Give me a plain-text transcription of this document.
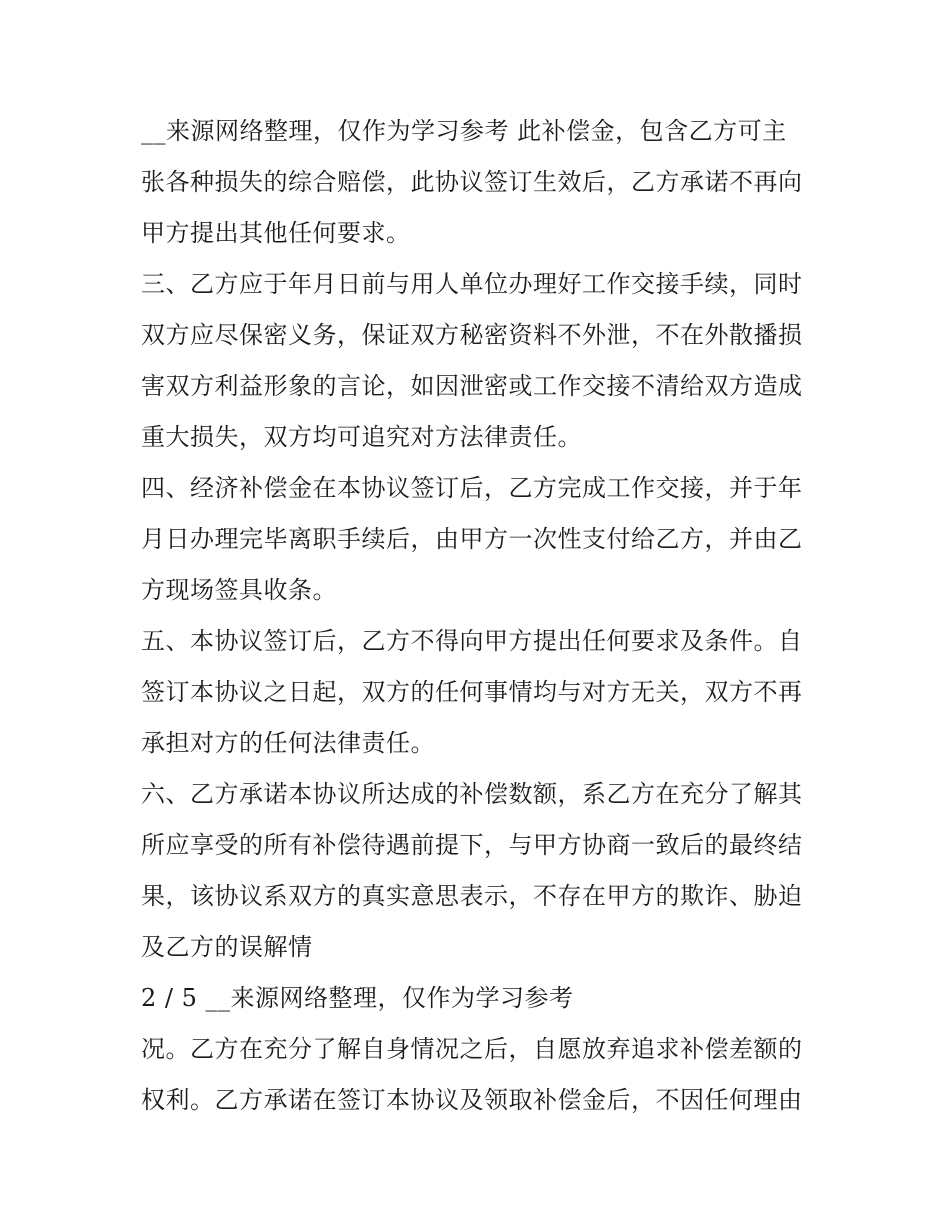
__来源网络整理，仅作为学习参考 此补偿金，包含乙方可主
张各种损失的综合赔偿，此协议签订生效后，乙方承诺不再向
甲方提出其他任何要求。
三、乙方应于年月日前与用人单位办理好工作交接手续，同时
双方应尽保密义务，保证双方秘密资料不外泄，不在外散播损
害双方利益形象的言论，如因泄密或工作交接不清给双方造成
重大损失，双方均可追究对方法律责任。
四、经济补偿金在本协议签订后，乙方完成工作交接，并于年
月日办理完毕离职手续后，由甲方一次性支付给乙方，并由乙
方现场签具收条。
五、本协议签订后，乙方不得向甲方提出任何要求及条件。自
签订本协议之日起，双方的任何事情均与对方无关，双方不再
承担对方的任何法律责任。
六、乙方承诺本协议所达成的补偿数额，系乙方在充分了解其
所应享受的所有补偿待遇前提下，与甲方协商一致后的最终结
果，该协议系双方的真实意思表示，不存在甲方的欺诈、胁迫
及乙方的误解情
2 / 5 __来源网络整理，仅作为学习参考
况。乙方在充分了解自身情况之后，自愿放弃追求补偿差额的
权利。乙方承诺在签订本协议及领取补偿金后，不因任何理由
